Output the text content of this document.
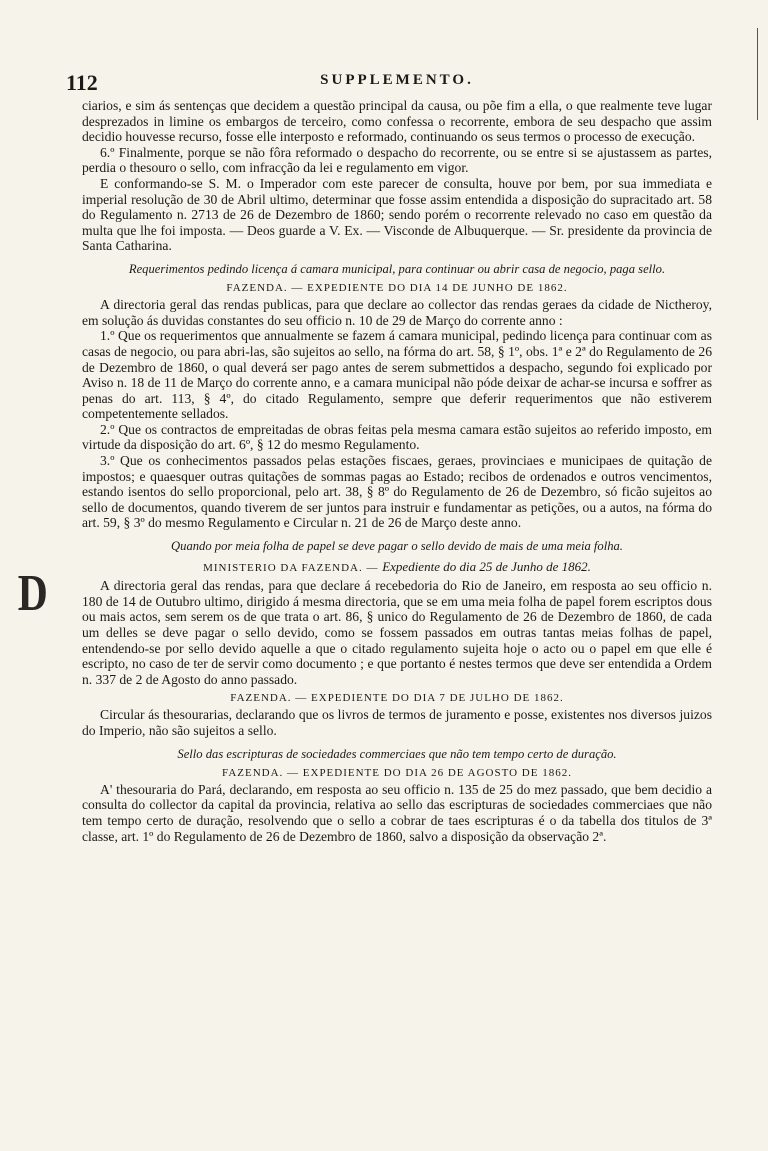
D
112	SUPPLEMENTO.

ciarios, e sim ás sentenças que decidem a questão principal da causa, ou põe fim a ella, o que realmente teve lugar desprezados in limine os embargos de terceiro, como confessa o recorrente, embora de seu despacho que assim decidio houvesse recurso, fosse elle interposto e reformado, continuando os seus termos o processo de execução.

6.º Finalmente, porque se não fôra reformado o despacho do recorrente, ou se entre si se ajustassem as partes, perdia o thesouro o sello, com infracção da lei e regulamento em vigor.

E conformando-se S. M. o Imperador com este parecer de consulta, houve por bem, por sua immediata e imperial resolução de 30 de Abril ultimo, determinar que fosse assim entendida a disposição do supracitado art. 58 do Regulamento n. 2713 de 26 de Dezembro de 1860; sendo porém o recorrente relevado no caso em questão da multa que lhe foi imposta. — Deos guarde a V. Ex. — Visconde de Albuquerque. — Sr. presidente da provincia de Santa Catharina.

Requerimentos pedindo licença á camara municipal, para continuar ou abrir casa de negocio, paga sello.

FAZENDA. — EXPEDIENTE DO DIA 14 DE JUNHO DE 1862.

A directoria geral das rendas publicas, para que declare ao collector das rendas geraes da cidade de Nictheroy, em solução ás duvidas constantes do seu officio n. 10 de 29 de Março do corrente anno :

1.º Que os requerimentos que annualmente se fazem á camara municipal, pedindo licença para continuar com as casas de negocio, ou para abri-las, são sujeitos ao sello, na fórma do art. 58, § 1º, obs. 1ª e 2ª do Regulamento de 26 de Dezembro de 1860, o qual deverá ser pago antes de serem submettidos a despacho, segundo foi explicado por Aviso n. 18 de 11 de Março do corrente anno, e a camara municipal não póde deixar de achar-se incursa e soffrer as penas do art. 113, § 4º, do citado Regulamento, sempre que deferir requerimentos que não estiverem competentemente sellados.

2.º Que os contractos de empreitadas de obras feitas pela mesma camara estão sujeitos ao referido imposto, em virtude da disposição do art. 6º, § 12 do mesmo Regulamento.

3.º Que os conhecimentos passados pelas estações fiscaes, geraes, provinciaes e municipaes de quitação de impostos; e quaesquer outras quitações de sommas pagas ao Estado; recibos de ordenados e outros vencimentos, estando isentos do sello proporcional, pelo art. 38, § 8º do Regulamento de 26 de Dezembro, só ficão sujeitos ao sello de documentos, quando tiverem de ser juntos para instruir e fundamentar as petições, ou a autos, na fórma do art. 59, § 3º do mesmo Regulamento e Circular n. 21 de 26 de Março deste anno.

Quando por meia folha de papel se deve pagar o sello devido de mais de uma meia folha.

MINISTERIO DA FAZENDA. — Expediente do dia 25 de Junho de 1862.

A directoria geral das rendas, para que declare á recebedoria do Rio de Janeiro, em resposta ao seu officio n. 180 de 14 de Outubro ultimo, dirigido á mesma directoria, que se em uma meia folha de papel forem escriptos dous ou mais actos, sem serem os de que trata o art. 86, § unico do Regulamento de 26 de Dezembro de 1860, de cada um delles se deve pagar o sello devido, como se fossem passados em outras tantas meias folhas de papel, entendendo-se por sello devido aquelle a que o citado regulamento sujeita hoje o acto ou o papel em que elle é escripto, no caso de ter de servir como documento ; e que portanto é nestes termos que deve ser entendida a Ordem n. 337 de 2 de Agosto do anno passado.

FAZENDA. — EXPEDIENTE DO DIA 7 DE JULHO DE 1862.

Circular ás thesourarias, declarando que os livros de termos de juramento e posse, existentes nos diversos juizos do Imperio, não são sujeitos a sello.

Sello das escripturas de sociedades commerciaes que não tem tempo certo de duração.

FAZENDA. — EXPEDIENTE DO DIA 26 DE AGOSTO DE 1862.

A' thesouraria do Pará, declarando, em resposta ao seu officio n. 135 de 25 do mez passado, que bem decidio a consulta do collector da capital da provincia, relativa ao sello das escripturas de sociedades commerciaes que não tem tempo certo de duração, resolvendo que o sello a cobrar de taes escripturas é o da tabella dos titulos de 3ª classe, art. 1º do Regulamento de 26 de Dezembro de 1860, salvo a disposição da observação 2ª.
